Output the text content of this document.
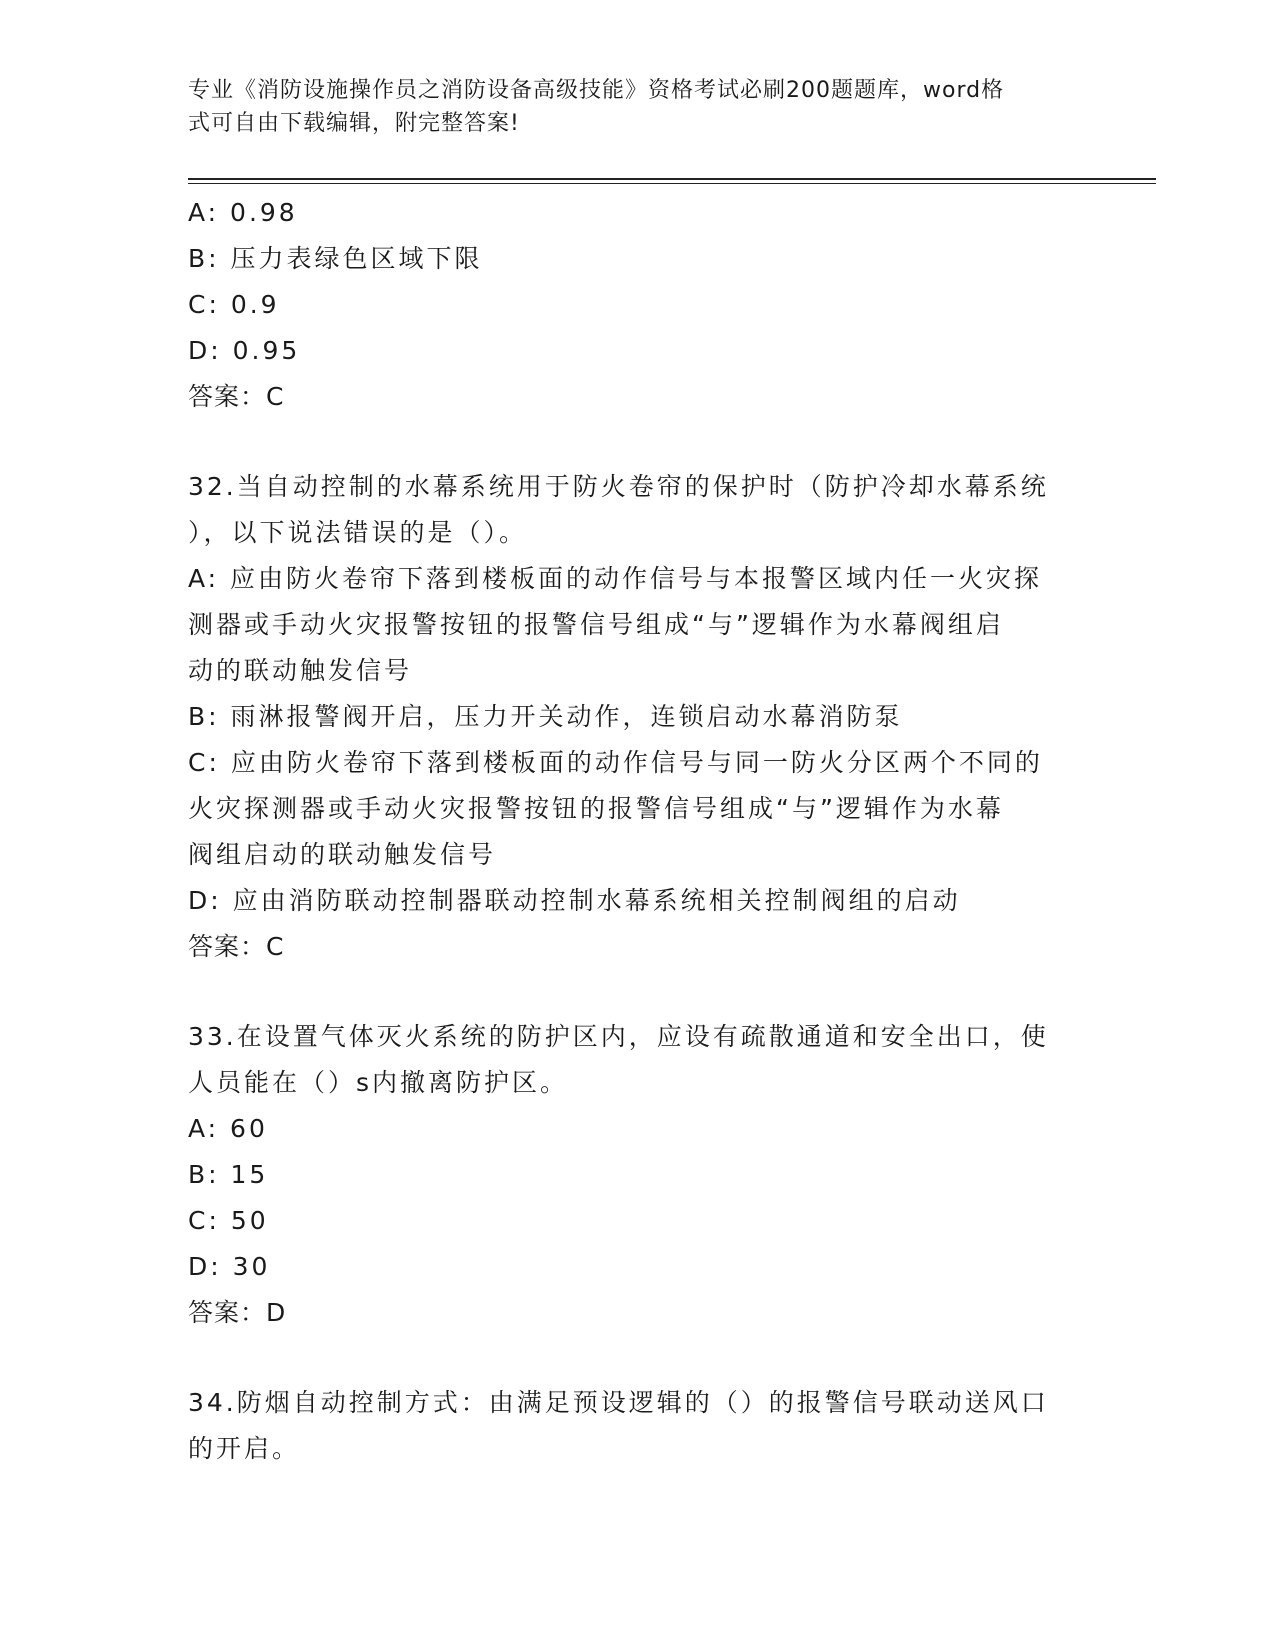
专业《消防设施操作员之消防设备高级技能》资格考试必刷200题题库，word格
式可自由下载编辑，附完整答案!
A: 0.98
B: 压力表绿色区域下限
C: 0.9
D: 0.95
答案：C
32.当自动控制的水幕系统用于防火卷帘的保护时（防护冷却水幕系统
），以下说法错误的是（）。
A: 应由防火卷帘下落到楼板面的动作信号与本报警区域内任一火灾探
测器或手动火灾报警按钮的报警信号组成“与”逻辑作为水幕阀组启
动的联动触发信号
B: 雨淋报警阀开启，压力开关动作，连锁启动水幕消防泵
C: 应由防火卷帘下落到楼板面的动作信号与同一防火分区两个不同的
火灾探测器或手动火灾报警按钮的报警信号组成“与”逻辑作为水幕
阀组启动的联动触发信号
D: 应由消防联动控制器联动控制水幕系统相关控制阀组的启动
答案：C
33.在设置气体灭火系统的防护区内，应设有疏散通道和安全出口，使
人员能在（）s内撤离防护区。
A: 60
B: 15
C: 50
D: 30
答案：D
34.防烟自动控制方式：由满足预设逻辑的（）的报警信号联动送风口
的开启。
